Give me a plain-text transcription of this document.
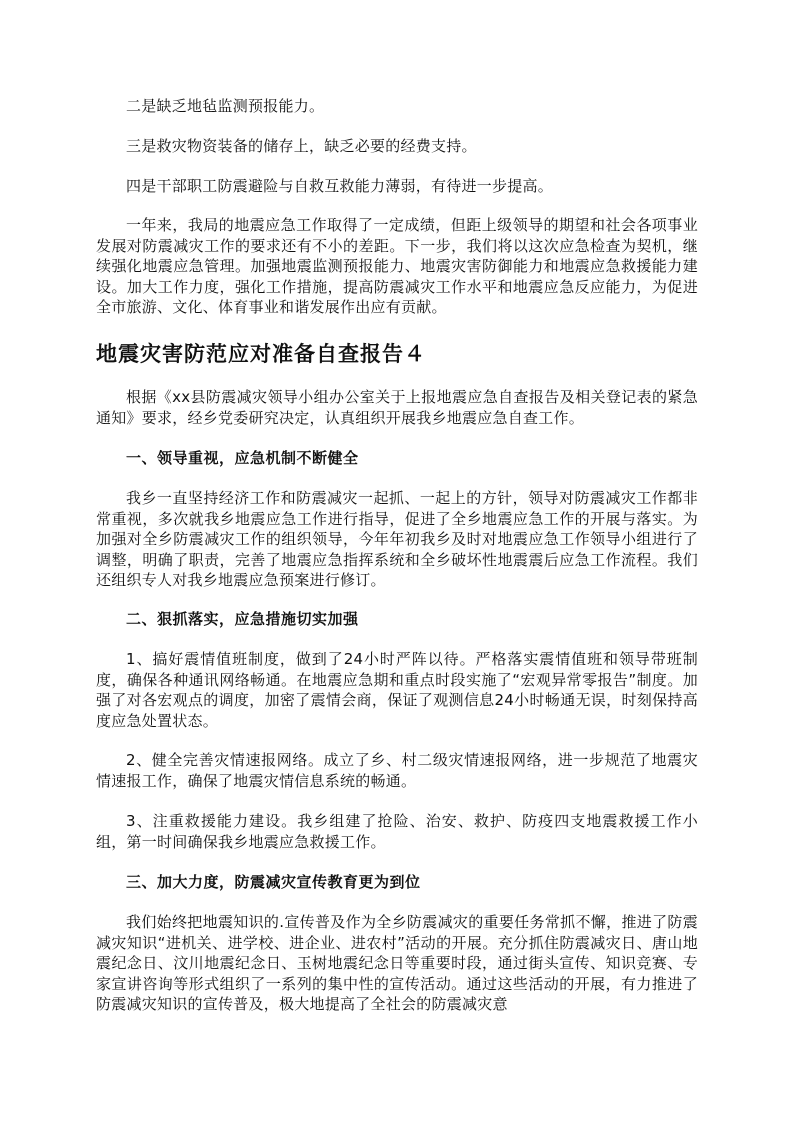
二是缺乏地毡监测预报能力。

三是救灾物资装备的储存上，缺乏必要的经费支持。

四是干部职工防震避险与自救互救能力薄弱，有待进一步提高。

一年来，我局的地震应急工作取得了一定成绩，但距上级领导的期望和社会各项事业发展对防震减灾工作的要求还有不小的差距。下一步，我们将以这次应急检查为契机，继续强化地震应急管理。加强地震监测预报能力、地震灾害防御能力和地震应急救援能力建设。加大工作力度，强化工作措施，提高防震减灾工作水平和地震应急反应能力，为促进全市旅游、文化、体育事业和谐发展作出应有贡献。

地震灾害防范应对准备自查报告４

根据《xx县防震减灾领导小组办公室关于上报地震应急自查报告及相关登记表的紧急通知》要求，经乡党委研究决定，认真组织开展我乡地震应急自查工作。

一、领导重视，应急机制不断健全

我乡一直坚持经济工作和防震减灾一起抓、一起上的方针，领导对防震减灾工作都非常重视，多次就我乡地震应急工作进行指导，促进了全乡地震应急工作的开展与落实。为加强对全乡防震减灾工作的组织领导，今年年初我乡及时对地震应急工作领导小组进行了调整，明确了职责，完善了地震应急指挥系统和全乡破坏性地震震后应急工作流程。我们还组织专人对我乡地震应急预案进行修订。

二、狠抓落实，应急措施切实加强

1、搞好震情值班制度，做到了24小时严阵以待。严格落实震情值班和领导带班制度，确保各种通讯网络畅通。在地震应急期和重点时段实施了“宏观异常零报告”制度。加强了对各宏观点的调度，加密了震情会商，保证了观测信息24小时畅通无误，时刻保持高度应急处置状态。

2、健全完善灾情速报网络。成立了乡、村二级灾情速报网络，进一步规范了地震灾情速报工作，确保了地震灾情信息系统的畅通。

3、注重救援能力建设。我乡组建了抢险、治安、救护、防疫四支地震救援工作小组，第一时间确保我乡地震应急救援工作。

三、加大力度，防震减灾宣传教育更为到位

我们始终把地震知识的.宣传普及作为全乡防震减灾的重要任务常抓不懈，推进了防震减灾知识“进机关、进学校、进企业、进农村”活动的开展。充分抓住防震减灾日、唐山地震纪念日、汶川地震纪念日、玉树地震纪念日等重要时段，通过街头宣传、知识竞赛、专家宣讲咨询等形式组织了一系列的集中性的宣传活动。通过这些活动的开展，有力推进了防震减灾知识的宣传普及，极大地提高了全社会的防震减灾意
